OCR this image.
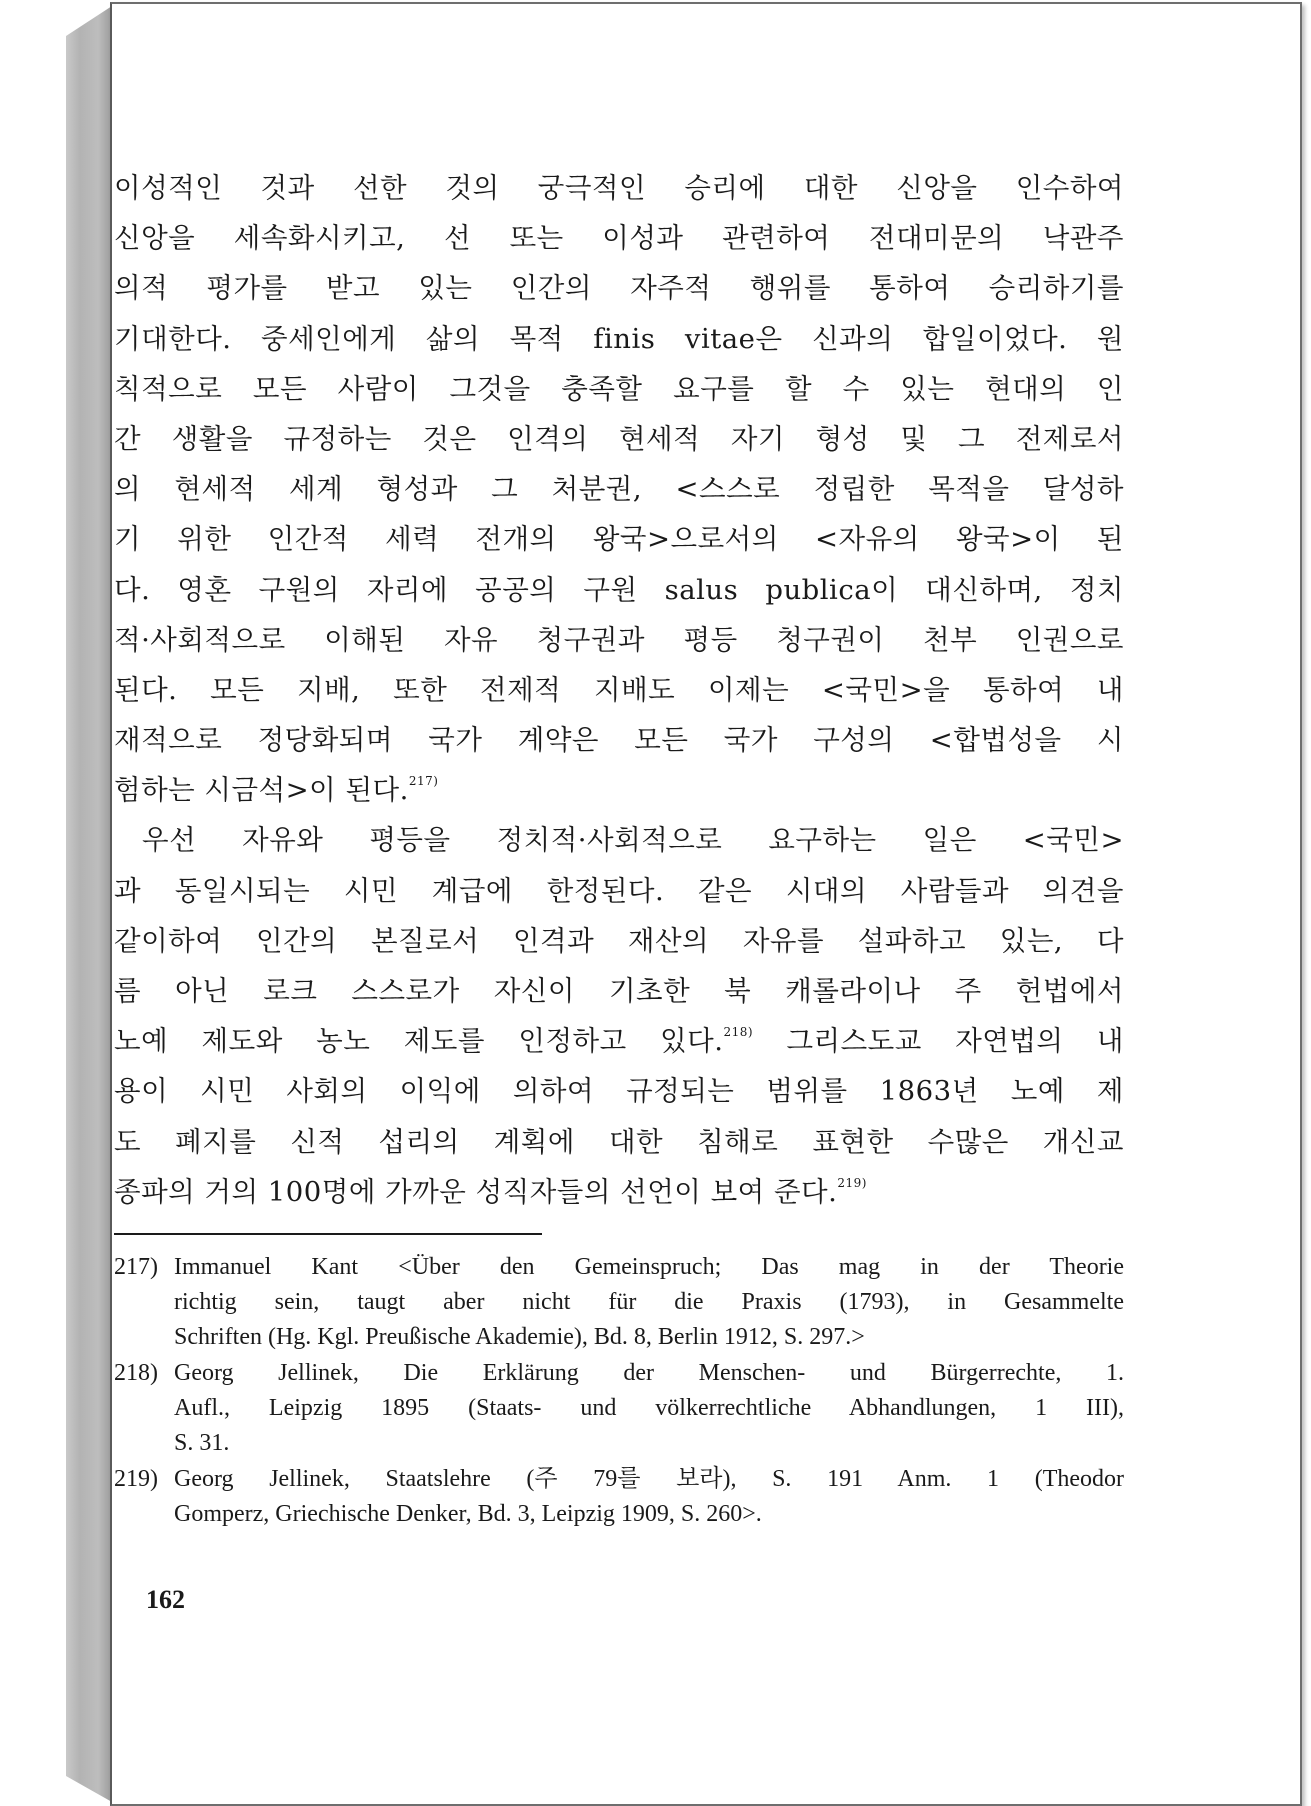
이성적인 것과 선한 것의 궁극적인 승리에 대한 신앙을 인수하여
신앙을 세속화시키고, 선 또는 이성과 관련하여 전대미문의 낙관주
의적 평가를 받고 있는 인간의 자주적 행위를 통하여 승리하기를
기대한다. 중세인에게 삶의 목적 finis vitae은 신과의 합일이었다. 원
칙적으로 모든 사람이 그것을 충족할 요구를 할 수 있는 현대의 인
간 생활을 규정하는 것은 인격의 현세적 자기 형성 및 그 전제로서
의 현세적 세계 형성과 그 처분권, <스스로 정립한 목적을 달성하
기 위한 인간적 세력 전개의 왕국>으로서의 <자유의 왕국>이 된
다. 영혼 구원의 자리에 공공의 구원 salus publica이 대신하며, 정치
적·사회적으로 이해된 자유 청구권과 평등 청구권이 천부 인권으로
된다. 모든 지배, 또한 전제적 지배도 이제는 <국민>을 통하여 내
재적으로 정당화되며 국가 계약은 모든 국가 구성의 <합법성을 시
험하는 시금석>이 된다.$^{217)}$
우선 자유와 평등을 정치적·사회적으로 요구하는 일은 <국민>
과 동일시되는 시민 계급에 한정된다. 같은 시대의 사람들과 의견을
같이하여 인간의 본질로서 인격과 재산의 자유를 설파하고 있는, 다
름 아닌 로크 스스로가 자신이 기초한 북 캐롤라이나 주 헌법에서
노예 제도와 농노 제도를 인정하고 있다.$^{218)}$ 그리스도교 자연법의 내
용이 시민 사회의 이익에 의하여 규정되는 범위를 1863년 노예 제
도 폐지를 신적 섭리의 계획에 대한 침해로 표현한 수많은 개신교
종파의 거의 100명에 가까운 성직자들의 선언이 보여 준다.$^{219)}$
217) Immanuel Kant <Über den Gemeinspruch; Das mag in der Theorie
richtig sein, taugt aber nicht für die Praxis (1793), in Gesammelte
Schriften (Hg. Kgl. Preußische Akademie), Bd. 8, Berlin 1912, S. 297.>
218) Georg Jellinek, Die Erklärung der Menschen- und Bürgerrechte, 1.
Aufl., Leipzig 1895 (Staats- und völkerrechtliche Abhandlungen, 1 III),
S. 31.
219) Georg Jellinek, Staatslehre (주 79를 보라), S. 191 Anm. 1 (Theodor
Gomperz, Griechische Denker, Bd. 3, Leipzig 1909, S. 260>.
162
